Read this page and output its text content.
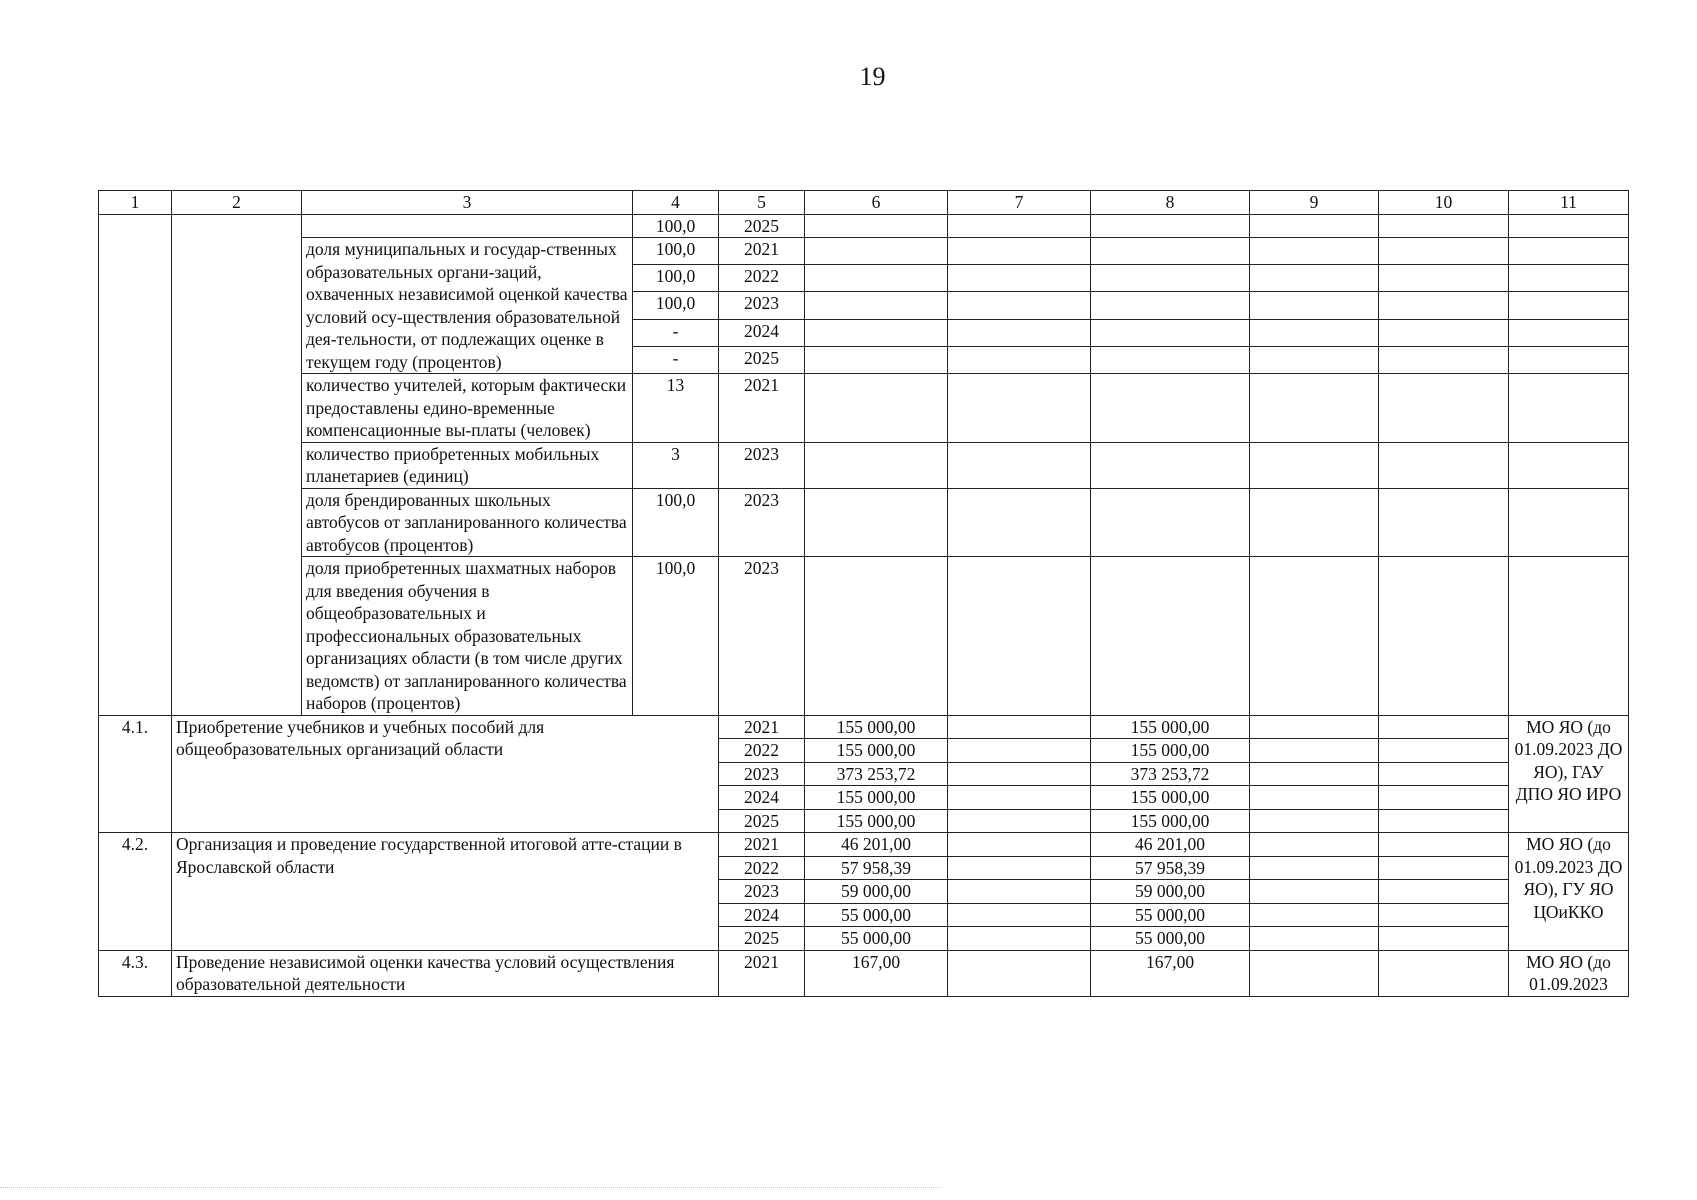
19
1	2	3	4	5	6	7	8	9	10	11
			100,0	2025						
		доля муниципальных и государ-ственных образовательных органи-заций, охваченных независимой оценкой качества условий осу-ществления образовательной дея-тельности, от подлежащих оценке в текущем году (процентов)	100,0	2021						
			100,0	2022						
			100,0	2023						
			-	2024						
			-	2025						
		количество учителей, которым фактически предоставлены едино-временные компенсационные вы-платы (человек)	13	2021						
		количество приобретенных мобильных планетариев (единиц)	3	2023						
		доля брендированных школьных автобусов от запланированного количества автобусов (процентов)	100,0	2023						
		доля приобретенных шахматных наборов для введения обучения в общеобразовательных и профессиональных образовательных организациях области (в том числе других ведомств) от запланированного количества наборов (процентов)	100,0	2023						
4.1.	Приобретение учебников и учебных пособий для общеобразовательных организаций области			2021	155 000,00		155 000,00			МО ЯО (до 01.09.2023 ДО ЯО), ГАУ ДПО ЯО ИРО
				2022	155 000,00		155 000,00			
				2023	373 253,72		373 253,72			
				2024	155 000,00		155 000,00			
				2025	155 000,00		155 000,00			
4.2.	Организация и проведение государственной итоговой атте-стации в Ярославской области			2021	46 201,00		46 201,00			МО ЯО (до 01.09.2023 ДО ЯО), ГУ ЯО ЦОиККО
				2022	57 958,39		57 958,39			
				2023	59 000,00		59 000,00			
				2024	55 000,00		55 000,00			
				2025	55 000,00		55 000,00			
4.3.	Проведение независимой оценки качества условий осуществления образовательной деятельности			2021	167,00		167,00			МО ЯО (до 01.09.2023
